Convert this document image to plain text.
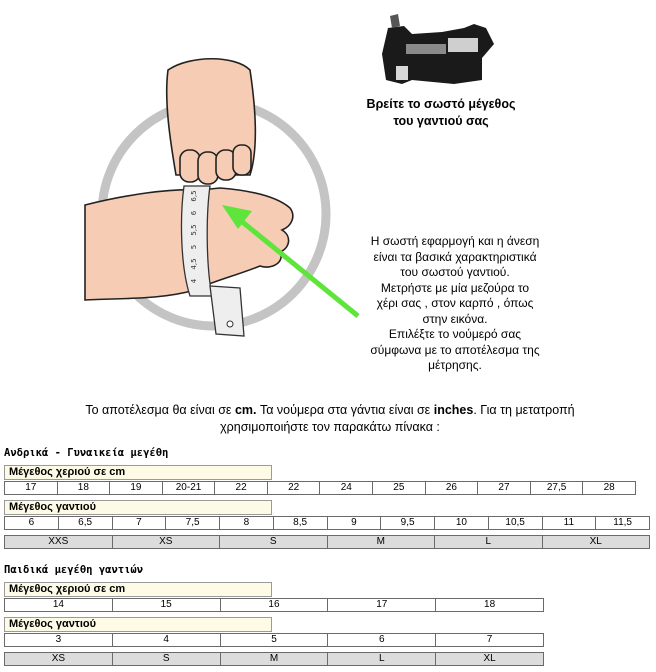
6,5
6
5,5
5
4,5
4
Βρείτε το σωστό μέγεθος
του γαντιού σας
Η σωστή εφαρμογή και η άνεση
είναι τα βασικά χαρακτηριστικά
του σωστού γαντιού.
Μετρήστε με μία μεζούρα το
χέρι σας , στον καρπό , όπως
στην εικόνα.
Επιλέξτε το νούμερό σας
σύμφωνα με το αποτέλεσμα της
μέτρησης.
Το αποτέλεσμα θα είναι σε cm. Τα νούμερα στα γάντια είναι σε inches. Για τη μετατροπή χρησιμοποιήστε τον παρακάτω πίνακα :
Ανδρικά - Γυναικεία μεγέθη
Μέγεθος χεριού σε cm
17	18	19	20-21	22	22	24	25	26	27	27,5	28
Μέγεθος γαντιού
6	6,5	7	7,5	8	8,5	9	9,5	10	10,5	11	11,5
XXS	XS	S	M	L	XL
Παιδικά μεγέθη γαντιών
Μέγεθος χεριού σε cm
14	15	16	17	18
Μέγεθος γαντιού
3	4	5	6	7
XS	S	M	L	XL
